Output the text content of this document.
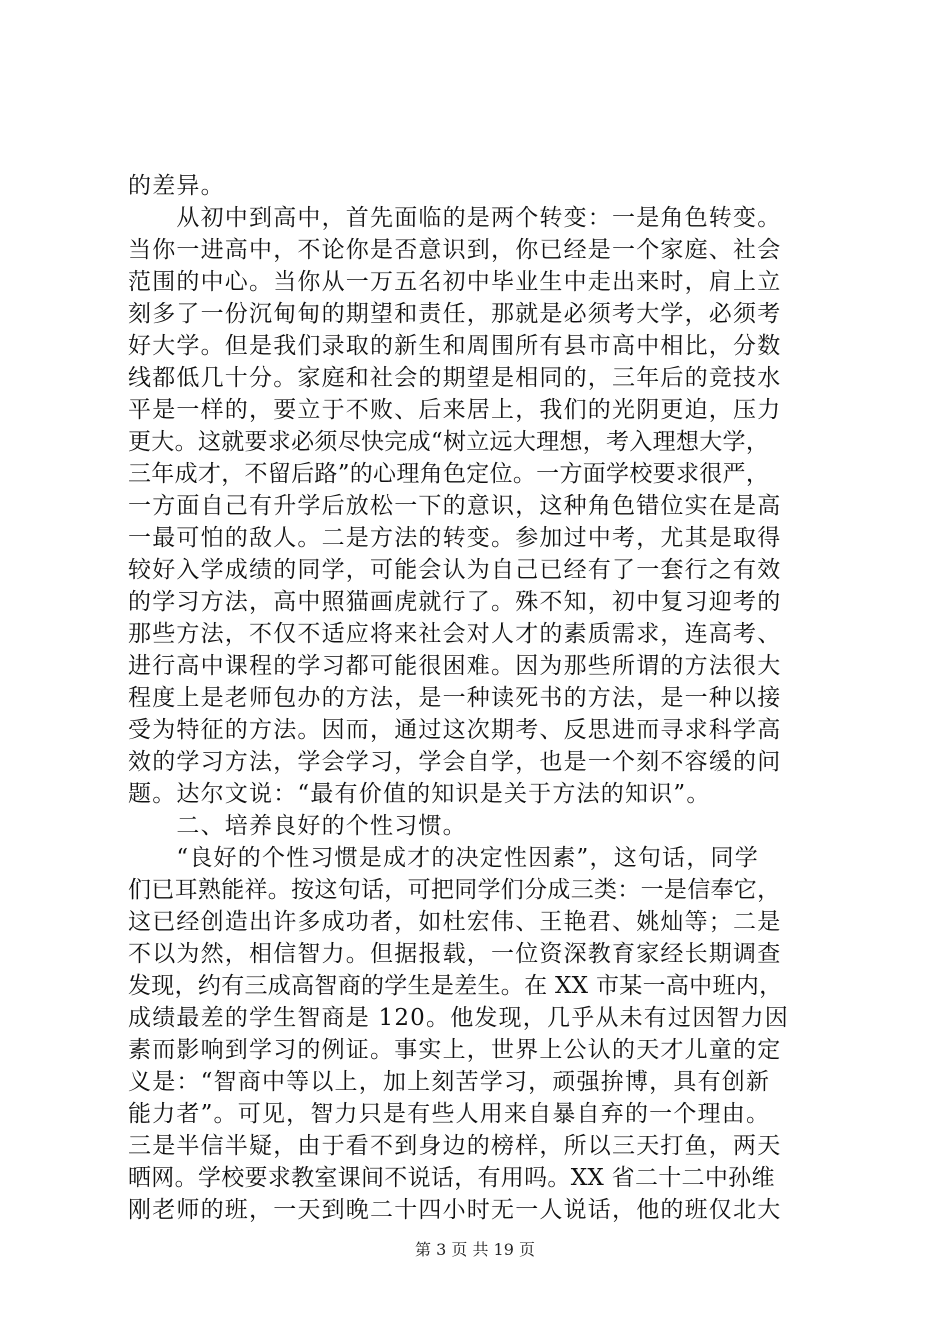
的差异。
　　从初中到高中，首先面临的是两个转变：一是角色转变。
当你一进高中，不论你是否意识到，你已经是一个家庭、社会
范围的中心。当你从一万五名初中毕业生中走出来时，肩上立
刻多了一份沉甸甸的期望和责任，那就是必须考大学，必须考
好大学。但是我们录取的新生和周围所有县市高中相比，分数
线都低几十分。家庭和社会的期望是相同的，三年后的竞技水
平是一样的，要立于不败、后来居上，我们的光阴更迫，压力
更大。这就要求必须尽快完成“树立远大理想，考入理想大学，
三年成才，不留后路”的心理角色定位。一方面学校要求很严，
一方面自己有升学后放松一下的意识，这种角色错位实在是高
一最可怕的敌人。二是方法的转变。参加过中考，尤其是取得
较好入学成绩的同学，可能会认为自己已经有了一套行之有效
的学习方法，高中照猫画虎就行了。殊不知，初中复习迎考的
那些方法，不仅不适应将来社会对人才的素质需求，连高考、
进行高中课程的学习都可能很困难。因为那些所谓的方法很大
程度上是老师包办的方法，是一种读死书的方法，是一种以接
受为特征的方法。因而，通过这次期考、反思进而寻求科学高
效的学习方法，学会学习，学会自学，也是一个刻不容缓的问
题。达尔文说：“最有价值的知识是关于方法的知识”。
　　二、培养良好的个性习惯。
　　“良好的个性习惯是成才的决定性因素”，这句话，同学
们已耳熟能祥。按这句话，可把同学们分成三类：一是信奉它，
这已经创造出许多成功者，如杜宏伟、王艳君、姚灿等；二是
不以为然，相信智力。但据报载，一位资深教育家经长期调查
发现，约有三成高智商的学生是差生。在 XX 市某一高中班内，
成绩最差的学生智商是 120。他发现，几乎从未有过因智力因
素而影响到学习的例证。事实上，世界上公认的天才儿童的定
义是：“智商中等以上，加上刻苦学习，顽强拚博，具有创新
能力者”。可见，智力只是有些人用来自暴自弃的一个理由。
三是半信半疑，由于看不到身边的榜样，所以三天打鱼，两天
晒网。学校要求教室课间不说话，有用吗。XX 省二十二中孙维
刚老师的班，一天到晚二十四小时无一人说话，他的班仅北大
第 3 页 共 19 页
